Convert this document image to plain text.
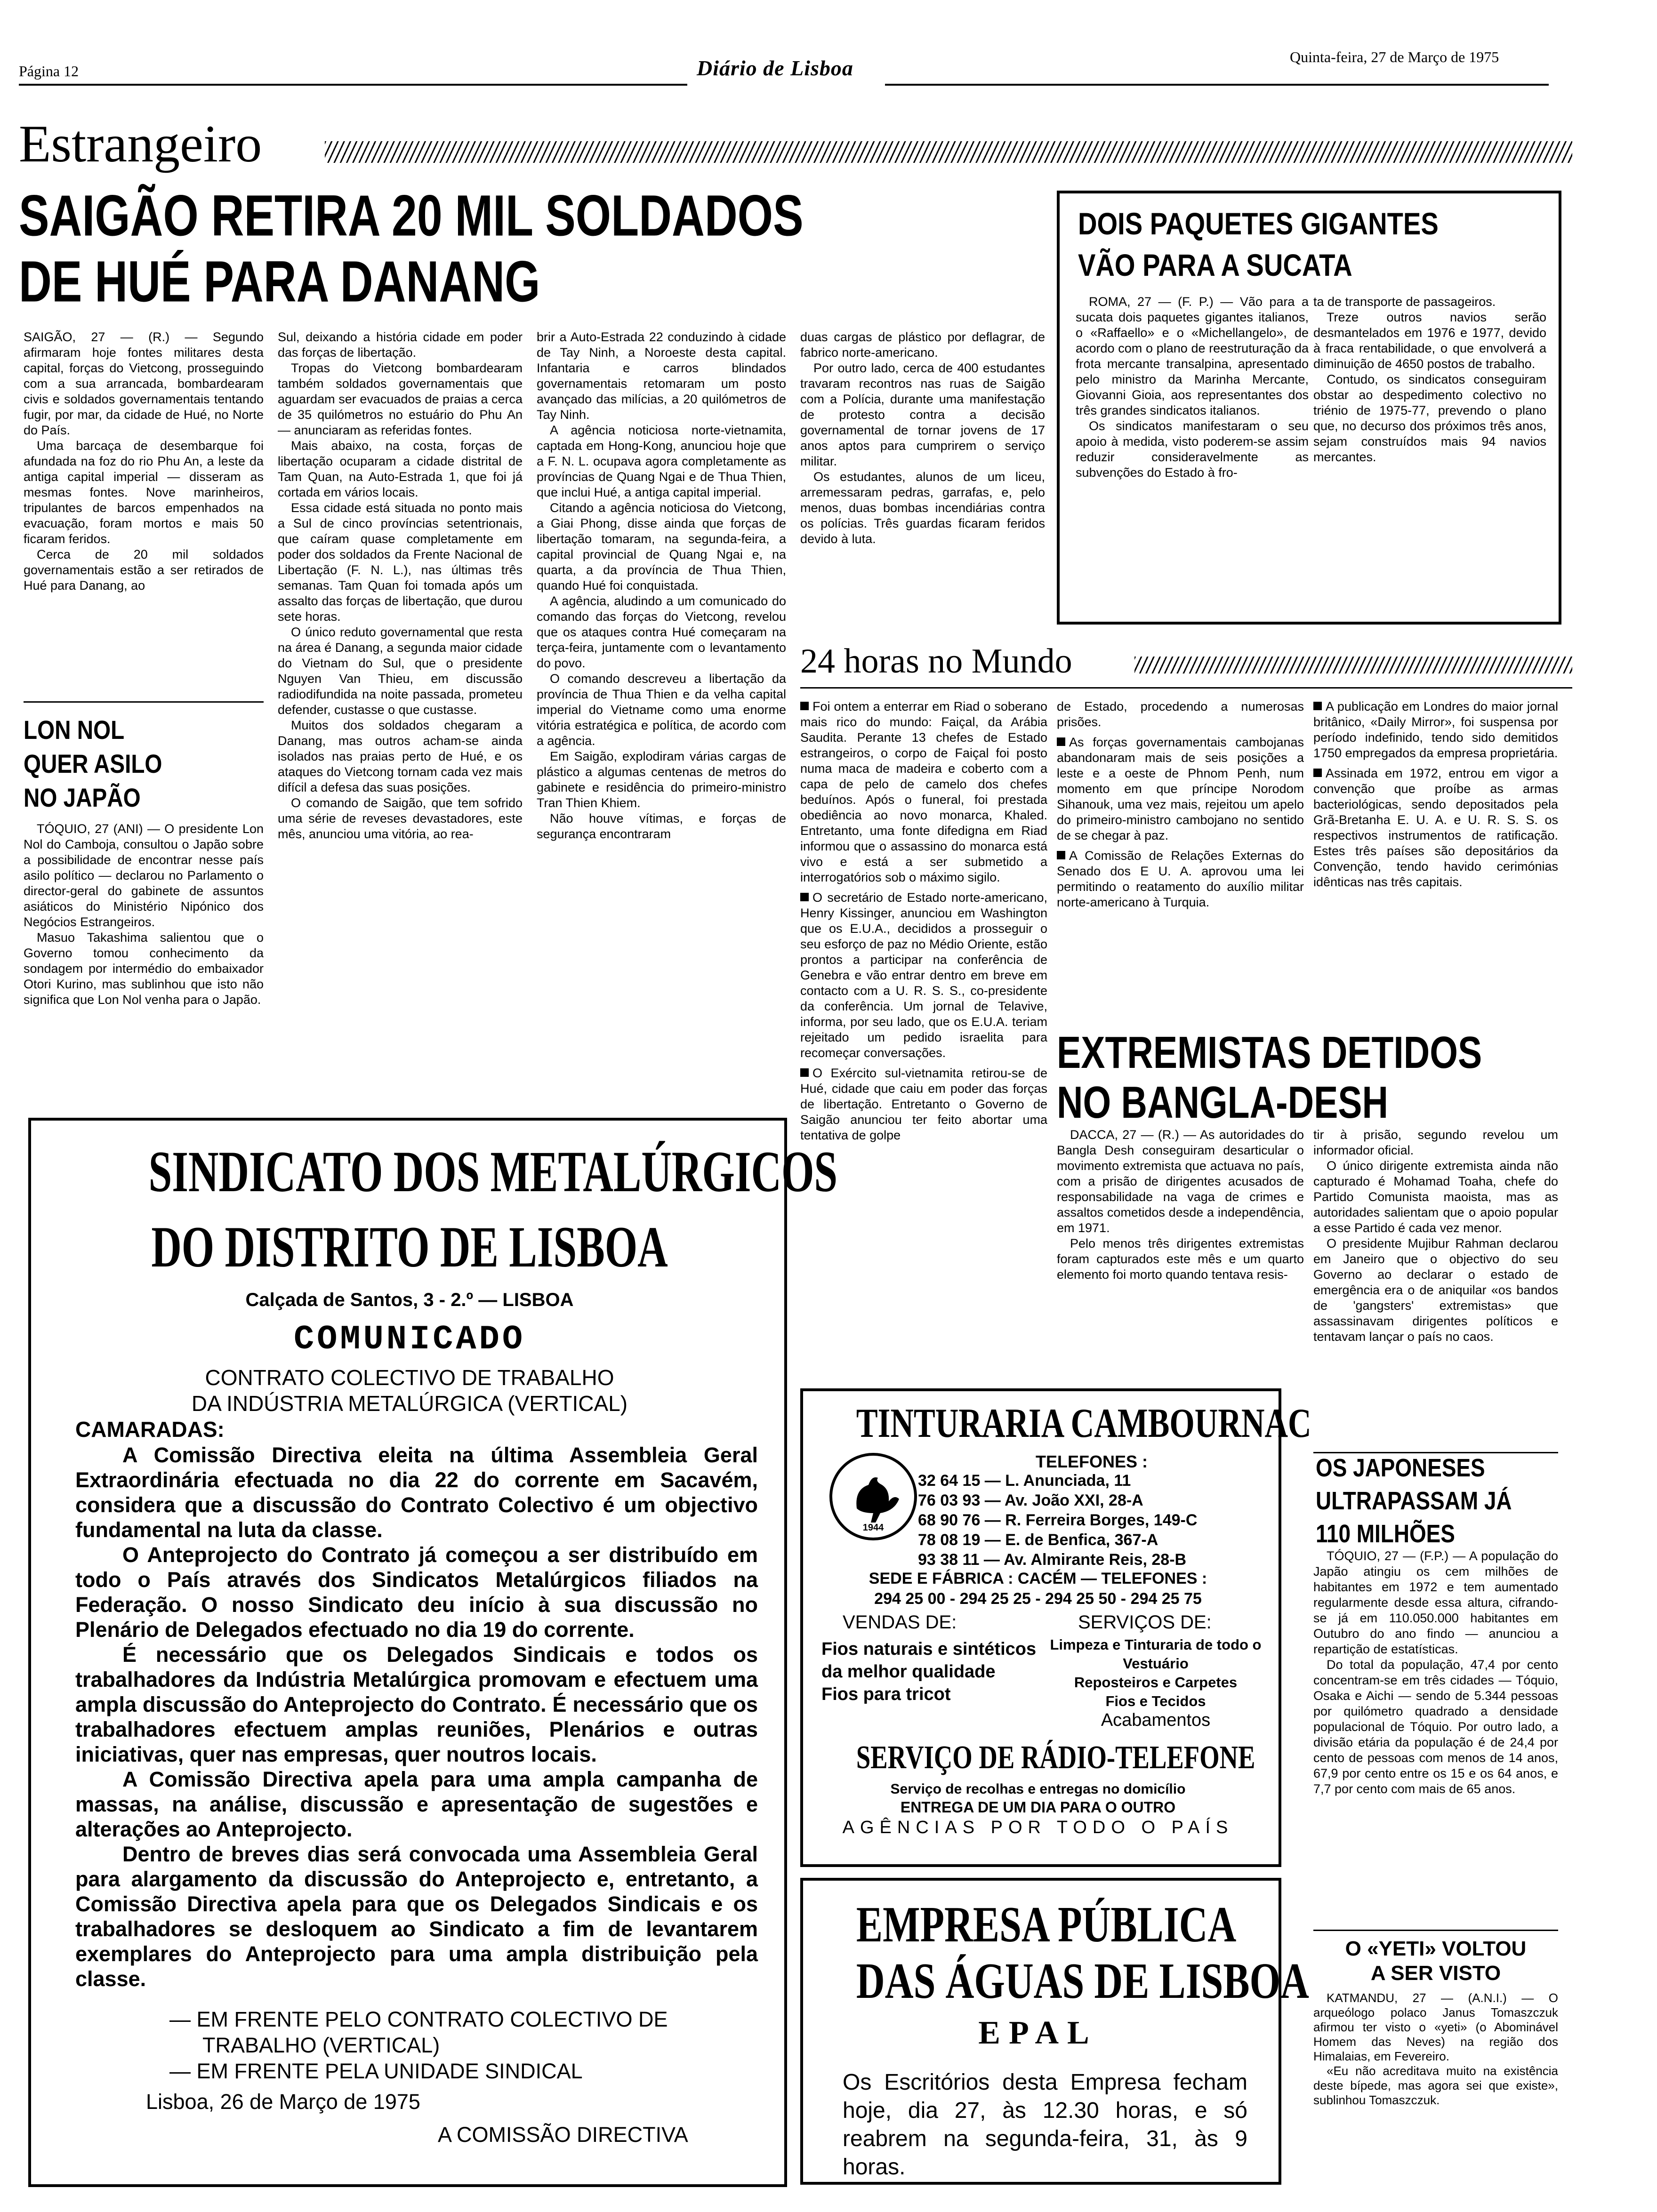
Página 12	Diário de Lisboa	Quinta-feira, 27 de Março de 1975
Estrangeiro
SAIGÃO RETIRA 20 MIL SOLDADOS
DE HUÉ PARA DANANG

SAIGÃO, 27 — (R.) — Segundo afirmaram hoje fontes militares desta capital, forças do Vietcong, prosseguindo com a sua arrancada, bombardearam civis e soldados governamentais tentando fugir, por mar, da cidade de Hué, no Norte do País.

Uma barcaça de desembarque foi afundada na foz do rio Phu An, a leste da antiga capital imperial — disseram as mesmas fontes. Nove marinheiros, tripulantes de barcos empenhados na evacuação, foram mortos e mais 50 ficaram feridos.

Cerca de 20 mil soldados governamentais estão a ser retirados de Hué para Danang, ao

Sul, deixando a história cidade em poder das forças de libertação.

Tropas do Vietcong bombardearam também soldados governamentais que aguardam ser evacuados de praias a cerca de 35 quilómetros no estuário do Phu An — anunciaram as referidas fontes.

Mais abaixo, na costa, forças de libertação ocuparam a cidade distrital de Tam Quan, na Auto-Estrada 1, que foi já cortada em vários locais.

Essa cidade está situada no ponto mais a Sul de cinco províncias setentrionais, que caíram quase completamente em poder dos soldados da Frente Nacional de Libertação (F. N. L.), nas últimas três semanas. Tam Quan foi tomada após um assalto das forças de libertação, que durou sete horas.

O único reduto governamental que resta na área é Danang, a segunda maior cidade do Vietnam do Sul, que o presidente Nguyen Van Thieu, em discussão radiodifundida na noite passada, prometeu defender, custasse o que custasse.

Muitos dos soldados chegaram a Danang, mas outros acham-se ainda isolados nas praias perto de Hué, e os ataques do Vietcong tornam cada vez mais difícil a defesa das suas posições.

O comando de Saigão, que tem sofrido uma série de reveses devastadores, este mês, anunciou uma vitória, ao rea-

brir a Auto-Estrada 22 conduzindo à cidade de Tay Ninh, a Noroeste desta capital. Infantaria e carros blindados governamentais retomaram um posto avançado das milícias, a 20 quilómetros de Tay Ninh.

A agência noticiosa norte-vietnamita, captada em Hong-Kong, anunciou hoje que a F. N. L. ocupava agora completamente as províncias de Quang Ngai e de Thua Thien, que inclui Hué, a antiga capital imperial.

Citando a agência noticiosa do Vietcong, a Giai Phong, disse ainda que forças de libertação tomaram, na segunda-feira, a capital provincial de Quang Ngai e, na quarta, a da província de Thua Thien, quando Hué foi conquistada.

A agência, aludindo a um comunicado do comando das forças do Vietcong, revelou que os ataques contra Hué começaram na terça-feira, juntamente com o levantamento do povo.

O comando descreveu a libertação da província de Thua Thien e da velha capital imperial do Vietname como uma enorme vitória estratégica e política, de acordo com a agência.

Em Saigão, explodiram várias cargas de plástico a algumas centenas de metros do gabinete e residência do primeiro-ministro Tran Thien Khiem.

Não houve vítimas, e forças de segurança encontraram

duas cargas de plástico por deflagrar, de fabrico norte-americano.

Por outro lado, cerca de 400 estudantes travaram recontros nas ruas de Saigão com a Polícia, durante uma manifestação de protesto contra a decisão governamental de tornar jovens de 17 anos aptos para cumprirem o serviço militar.

Os estudantes, alunos de um liceu, arremessaram pedras, garrafas, e, pelo menos, duas bombas incendiárias contra os polícias. Três guardas ficaram feridos devido à luta.

LON NOL
QUER ASILO
NO JAPÃO

TÓQUIO, 27 (ANI) — O presidente Lon Nol do Camboja, consultou o Japão sobre a possibilidade de encontrar nesse país asilo político — declarou no Parlamento o director-geral do gabinete de assuntos asiáticos do Ministério Nipónico dos Negócios Estrangeiros.

Masuo Takashima salientou que o Governo tomou conhecimento da sondagem por intermédio do embaixador Otori Kurino, mas sublinhou que isto não significa que Lon Nol venha para o Japão.

DOIS PAQUETES GIGANTES
VÃO PARA A SUCATA

ROMA, 27 — (F. P.) — Vão para a sucata dois paquetes gigantes italianos, o «Raffaello» e o «Michellangelo», de acordo com o plano de reestruturação da frota mercante transalpina, apresentado pelo ministro da Marinha Mercante, Giovanni Gioia, aos representantes dos três grandes sindicatos italianos.

Os sindicatos manifestaram o seu apoio à medida, visto poderem-se assim reduzir consideravelmente as subvenções do Estado à fro-

ta de transporte de passageiros.

Treze outros navios serão desmantelados em 1976 e 1977, devido à fraca rentabilidade, o que envolverá a diminuição de 4650 postos de trabalho.

Contudo, os sindicatos conseguiram obstar ao despedimento colectivo no triénio de 1975-77, prevendo o plano que, no decurso dos próximos três anos, sejam construídos mais 94 navios mercantes.

24 horas no Mundo
Foi ontem a enterrar em Riad o soberano mais rico do mundo: Faiçal, da Arábia Saudita. Perante 13 chefes de Estado estrangeiros, o corpo de Faiçal foi posto numa maca de madeira e coberto com a capa de pelo de camelo dos chefes beduínos. Após o funeral, foi prestada obediência ao novo monarca, Khaled. Entretanto, uma fonte difedigna em Riad informou que o assassino do monarca está vivo e está a ser submetido a interrogatórios sob o máximo sigilo.
O secretário de Estado norte-americano, Henry Kissinger, anunciou em Washington que os E.U.A., decididos a prosseguir o seu esforço de paz no Médio Oriente, estão prontos a participar na conferência de Genebra e vão entrar dentro em breve em contacto com a U. R. S. S., co-presidente da conferência. Um jornal de Telavive, informa, por seu lado, que os E.U.A. teriam rejeitado um pedido israelita para recomeçar conversações.
O Exército sul-vietnamita retirou-se de Hué, cidade que caiu em poder das forças de libertação. Entretanto o Governo de Saigão anunciou ter feito abortar uma tentativa de golpe
de Estado, procedendo a numerosas prisões.
As forças governamentais cambojanas abandonaram mais de seis posições a leste e a oeste de Phnom Penh, num momento em que príncipe Norodom Sihanouk, uma vez mais, rejeitou um apelo do primeiro-ministro cambojano no sentido de se chegar à paz.
A Comissão de Relações Externas do Senado dos E U. A. aprovou uma lei permitindo o reatamento do auxílio militar norte-americano à Turquia.
A publicação em Londres do maior jornal britânico, «Daily Mirror», foi suspensa por período indefinido, tendo sido demitidos 1750 empregados da empresa proprietária.
Assinada em 1972, entrou em vigor a convenção que proíbe as armas bacteriológicas, sendo depositados pela Grã-Bretanha E. U. A. e U. R. S. S. os respectivos instrumentos de ratificação. Estes três países são depositários da Convenção, tendo havido cerimónias idênticas nas três capitais.
EXTREMISTAS DETIDOS
NO BANGLA-DESH

DACCA, 27 — (R.) — As autoridades do Bangla Desh conseguiram desarticular o movimento extremista que actuava no país, com a prisão de dirigentes acusados de responsabilidade na vaga de crimes e assaltos cometidos desde a independência, em 1971.

Pelo menos três dirigentes extremistas foram capturados este mês e um quarto elemento foi morto quando tentava resis-

tir à prisão, segundo revelou um informador oficial.

O único dirigente extremista ainda não capturado é Mohamad Toaha, chefe do Partido Comunista maoista, mas as autoridades salientam que o apoio popular a esse Partido é cada vez menor.

O presidente Mujibur Rahman declarou em Janeiro que o objectivo do seu Governo ao declarar o estado de emergência era o de aniquilar «os bandos de 'gangsters' extremistas» que assassinavam dirigentes políticos e tentavam lançar o país no caos.

OS JAPONESES
ULTRAPASSAM JÁ
110 MILHÕES

TÓQUIO, 27 — (F.P.) — A população do Japão atingiu os cem milhões de habitantes em 1972 e tem aumentado regularmente desde essa altura, cifrando-se já em 110.050.000 habitantes em Outubro do ano findo — anunciou a repartição de estatísticas.

Do total da população, 47,4 por cento concentram-se em três cidades — Tóquio, Osaka e Aichi — sendo de 5.344 pessoas por quilómetro quadrado a densidade populacional de Tóquio. Por outro lado, a divisão etária da população é de 24,4 por cento de pessoas com menos de 14 anos, 67,9 por cento entre os 15 e os 64 anos, e 7,7 por cento com mais de 65 anos.

O «YETI» VOLTOU
A SER VISTO

KATMANDU, 27 — (A.N.I.) — O arqueólogo polaco Janus Tomaszczuk afirmou ter visto o «yeti» (o Abominável Homem das Neves) na região dos Himalaias, em Fevereiro.

«Eu não acreditava muito na existência deste bípede, mas agora sei que existe», sublinhou Tomaszczuk.

SINDICATO DOS METALÚRGICOS
DO DISTRITO DE LISBOA
Calçada de Santos, 3 - 2.º — LISBOA
COMUNICADO
CONTRATO COLECTIVO DE TRABALHO
DA INDÚSTRIA METALÚRGICA (VERTICAL)
CAMARADAS:

A Comissão Directiva eleita na última Assembleia Geral Extraordinária efectuada no dia 22 do corrente em Sacavém, considera que a discussão do Contrato Colectivo é um objectivo fundamental na luta da classe.

O Anteprojecto do Contrato já começou a ser distribuído em todo o País através dos Sindicatos Metalúrgicos filiados na Federação. O nosso Sindicato deu início à sua discussão no Plenário de Delegados efectuado no dia 19 do corrente.

É necessário que os Delegados Sindicais e todos os trabalhadores da Indústria Metalúrgica promovam e efectuem uma ampla discussão do Anteprojecto do Contrato. É necessário que os trabalhadores efectuem amplas reuniões, Plenários e outras iniciativas, quer nas empresas, quer noutros locais.

A Comissão Directiva apela para uma ampla campanha de massas, na análise, discussão e apresentação de sugestões e alterações ao Anteprojecto.

Dentro de breves dias será convocada uma Assembleia Geral para alargamento da discussão do Anteprojecto e, entretanto, a Comissão Directiva apela para que os Delegados Sindicais e os trabalhadores se desloquem ao Sindicato a fim de levantarem exemplares do Anteprojecto para uma ampla distribuição pela classe.

— EM FRENTE PELO CONTRATO COLECTIVO DE
TRABALHO (VERTICAL)
— EM FRENTE PELA UNIDADE SINDICAL
Lisboa, 26 de Março de 1975
A COMISSÃO DIRECTIVA
TINTURARIA CAMBOURNAC
1944
TELEFONES :
32 64 15 — L. Anunciada, 11
76 03 93 — Av. João XXI, 28-A
68 90 76 — R. Ferreira Borges, 149-C
78 08 19 — E. de Benfica, 367-A
93 38 11 — Av. Almirante Reis, 28-B
SEDE E FÁBRICA : CACÉM — TELEFONES :
294 25 00 - 294 25 25 - 294 25 50 - 294 25 75
VENDAS DE:
Fios naturais e sintéticos da melhor qualidade
Fios para tricot
SERVIÇOS DE:
Limpeza e Tinturaria de todo o Vestuário
Reposteiros e Carpetes
Fios e Tecidos
Acabamentos
SERVIÇO DE RÁDIO-TELEFONE
Serviço de recolhas e entregas no domicílio
ENTREGA DE UM DIA PARA O OUTRO
AGÊNCIAS POR TODO O PAÍS
EMPRESA PÚBLICA
DAS ÁGUAS DE LISBOA
EPAL
Os Escritórios desta Empresa fecham hoje, dia 27, às 12.30 horas, e só reabrem na segunda-feira, 31, às 9 horas.
